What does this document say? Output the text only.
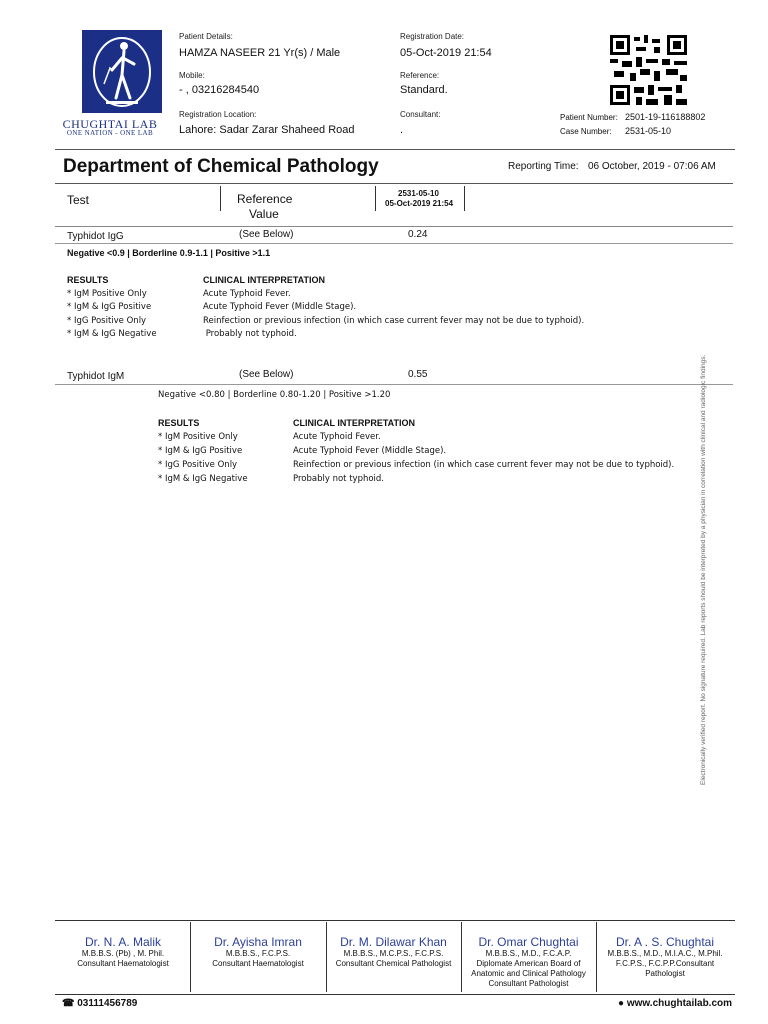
CHUGHTAI LAB
ONE NATION - ONE LAB
Patient Details:
HAMZA NASEER 21 Yr(s) / Male
Mobile:
- , 03216284540
Registration Location:
Lahore: Sadar Zarar Shaheed Road
Registration Date:
05-Oct-2019 21:54
Reference:
Standard.
Consultant:
.
Patient Number: 2501-19-116188802
Case Number: 2531-05-10
Department of Chemical Pathology	Reporting Time: 06 October, 2019 - 07:06 AM
Test	Reference
Value
2531-05-10
05-Oct-2019 21:54
Typhidot IgG	(See Below)	0.24
Negative <0.9 | Borderline 0.9-1.1 | Positive >1.1
RESULTS	CLINICAL INTERPRETATION
* IgM Positive Only	Acute Typhoid Fever.
* IgM & IgG Positive	Acute Typhoid Fever (Middle Stage).
* IgG Positive Only	Reinfection or previous infection (in which case current fever may not be due to typhoid).
* IgM & IgG Negative	Probably not typhoid.
Typhidot IgM	(See Below)	0.55
Negative <0.80 | Borderline 0.80-1.20 | Positive >1.20
RESULTS	CLINICAL INTERPRETATION
* IgM Positive Only	Acute Typhoid Fever.
* IgM & IgG Positive	Acute Typhoid Fever (Middle Stage).
* IgG Positive Only	Reinfection or previous infection (in which case current fever may not be due to typhoid).
* IgM & IgG Negative	Probably not typhoid.	Electronically verified report. No signature required. Lab reports should be interpreted by a physician in correlation with clinical and radiologic findings.
Dr. N. A. Malik
M.B.B.S. (Pb) , M. Phil.
Consultant Haematologist
Dr. Ayisha Imran
M.B.B.S., F.C.P.S.
Consultant Haematologist
Dr. M. Dilawar Khan
M.B.B.S., M.C.P.S., F.C.P.S.
Consultant Chemical Pathologist
Dr. Omar Chughtai
M.B.B.S., M.D., F.C.A.P.
Diplomate American Board of
Anatomic and Clinical Pathology
Consultant Pathologist
Dr. A . S. Chughtai
M.B.B.S., M.D., M.I.A.C., M.Phil.
F.C.P.S., F.C.P.P.Consultant
Pathologist
☎ 03111456789	● www.chughtailab.com
